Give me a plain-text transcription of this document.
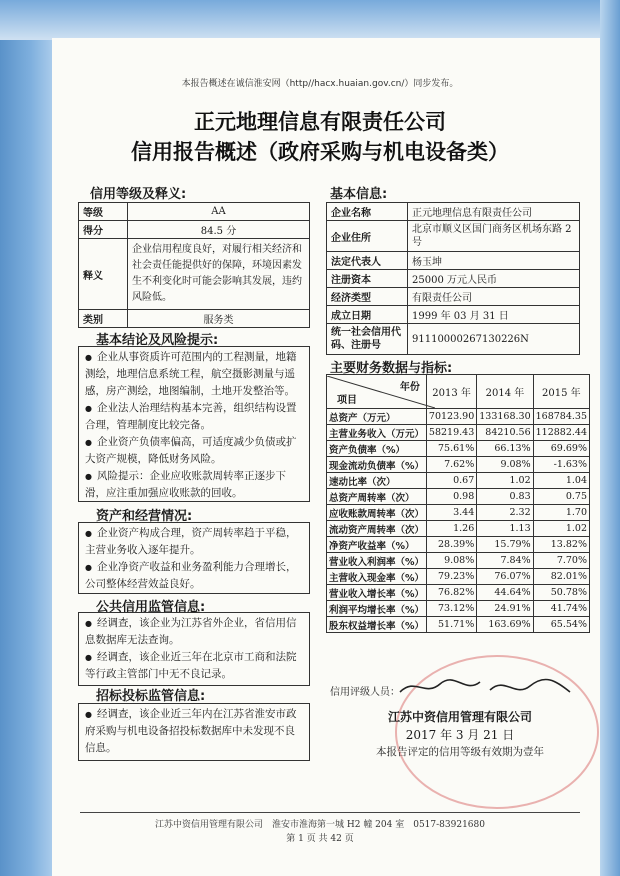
本报告概述在诚信淮安网（http//hacx.huaian.gov.cn/）同步发布。
正元地理信息有限责任公司
信用报告概述（政府采购与机电设备类）
信用等级及释义:
等级	AA
得分	84.5 分
释义	企业信用程度良好，对履行相关经济和社会责任能提供好的保障，环境因素发生不利变化时可能会影响其发展，违约风险低。
类别	服务类
基本信息:
企业名称	正元地理信息有限责任公司
企业住所	北京市顺义区国门商务区机场东路 2 号
法定代表人	杨玉坤
注册资本	25000 万元人民币
经济类型	有限责任公司
成立日期	1999 年 03 月 31 日
统一社会信用代码、注册号	91110000267130226N
基本结论及风险提示:

● 企业从事资质许可范围内的工程测量，地籍测绘，地理信息系统工程，航空摄影测量与遥感，房产测绘，地图编制，土地开发整治等。

● 企业法人治理结构基本完善，组织结构设置合理，管理制度比较完备。

● 企业资产负债率偏高，可适度减少负债或扩大资产规模，降低财务风险。

● 风险提示：企业应收账款周转率正逐步下滑，应注重加强应收账款的回收。

资产和经营情况:

● 企业资产构成合理，资产周转率趋于平稳，主营业务收入逐年提升。

● 企业净资产收益和业务盈利能力合理增长，公司整体经营效益良好。

公共信用监管信息:

● 经调查，该企业为江苏省外企业，省信用信息数据库无法查询。

● 经调查，该企业近三年在北京市工商和法院等行政主管部门中无不良记录。

招标投标监管信息:

● 经调查，该企业近三年内在江苏省淮安市政府采购与机电设备招投标数据库中未发现不良信息。

主要财务数据与指标:
年份
项目	2013 年	2014 年	2015 年
总资产（万元）	70123.90	133168.30	168784.35
主营业务收入（万元）	58219.43	84210.56	112882.44
资产负债率（%）	75.61%	66.13%	69.69%
现金流动负债率（%）	7.62%	9.08%	-1.63%
速动比率（次）	0.67	1.02	1.04
总资产周转率（次）	0.98	0.83	0.75
应收账款周转率（次）	3.44	2.32	1.70
流动资产周转率（次）	1.26	1.13	1.02
净资产收益率（%）	28.39%	15.79%	13.82%
营业收入利润率（%）	9.08%	7.84%	7.70%
主营收入现金率（%）	79.23%	76.07%	82.01%
营业收入增长率（%）	76.82%	44.64%	50.78%
利润平均增长率（%）	73.12%	24.91%	41.74%
股东权益增长率（%）	51.71%	163.69%	65.54%
信用评级人员：
江苏中资信用管理有限公司
2017 年 3 月 21 日
本报告评定的信用等级有效期为壹年
江苏中资信用管理有限公司　淮安市淮海第一城 H2 幢 204 室　0517-83921680
第 1 页 共 42 页
